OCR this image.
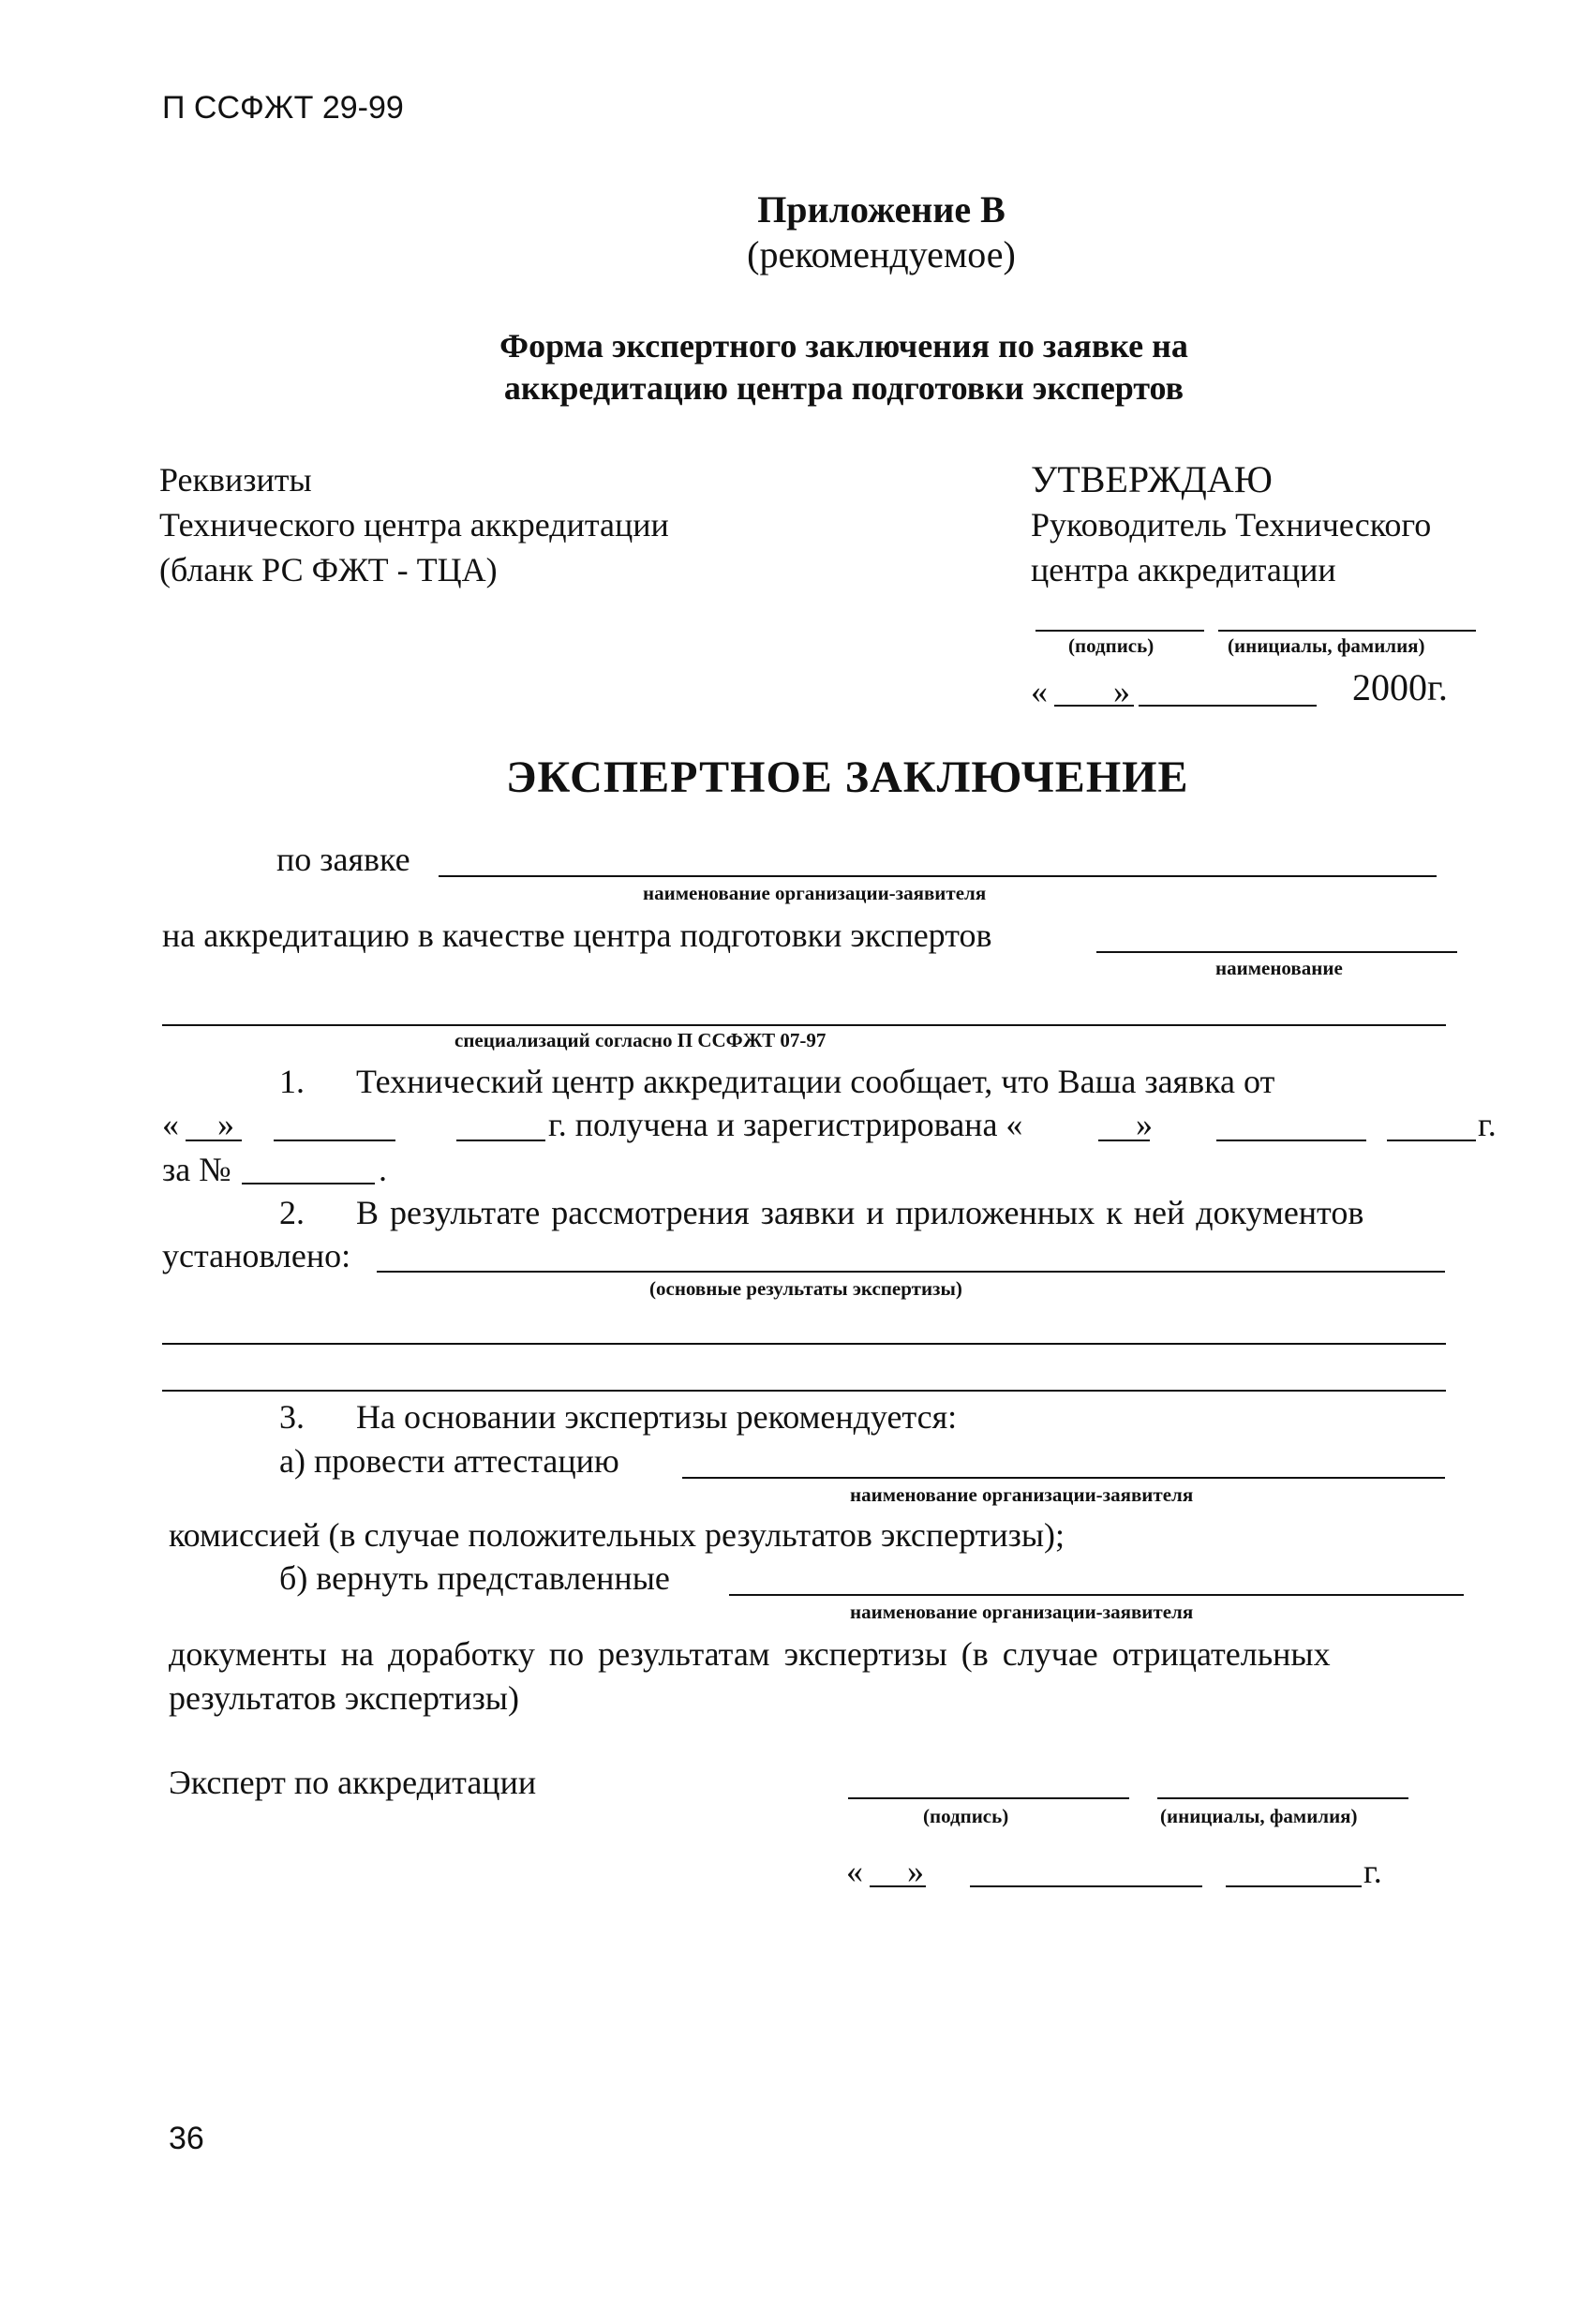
П ССФЖТ 29-99
Приложение В
(рекомендуемое)
Форма экспертного заключения по заявке на
аккредитацию центра подготовки экспертов
Реквизиты
Технического центра аккредитации
(бланк РС ФЖТ - ТЦА)
УТВЕРЖДАЮ
Руководитель Технического
центра аккредитации
(подпись)	(инициалы, фамилия)
« »	2000г.
ЭКСПЕРТНОЕ ЗАКЛЮЧЕНИЕ
по заявке
наименование организации-заявителя
на аккредитацию в качестве центра подготовки экспертов
наименование
специализаций согласно П ССФЖТ 07-97
1. Технический центр аккредитации сообщает, что Ваша заявка от
« »	г. получена и зарегистрирована «	»	г.
за №	.
2. В результате рассмотрения заявки и приложенных к ней документов
установлено:
(основные результаты экспертизы)
3. На основании экспертизы рекомендуется:
а) провести аттестацию
наименование организации-заявителя
комиссией (в случае положительных результатов экспертизы);
б) вернуть представленные
наименование организации-заявителя
документы на доработку по результатам экспертизы (в случае отрицательных
результатов экспертизы)
Эксперт по аккредитации
(подпись)	(инициалы, фамилия)
« »	г.
36
